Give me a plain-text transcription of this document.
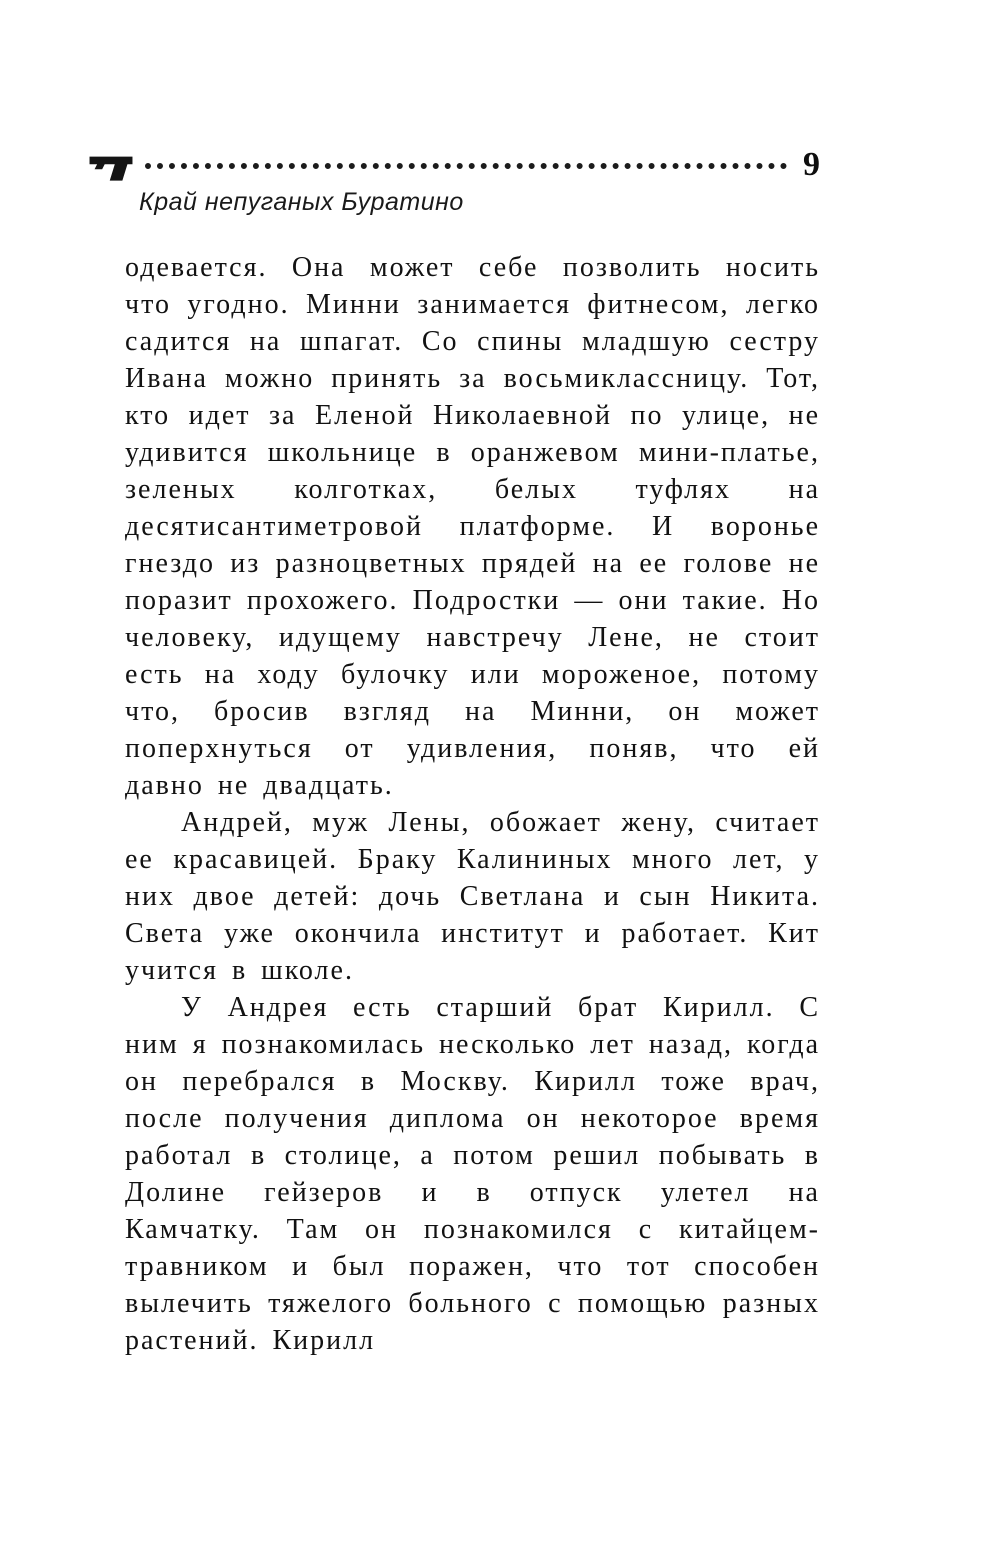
9
Край непуганых Буратино

одевается. Она может себе позволить носить что угодно. Минни занимается фитнесом, легко садится на шпагат. Со спины младшую сестру Ивана можно принять за восьмиклассницу. Тот, кто идет за Еленой Николаевной по улице, не удивится школьнице в оранжевом мини-платье, зеленых колготках, белых туфлях на десятисантиметровой платформе. И воронье гнездо из разноцветных прядей на ее голове не поразит прохожего. Подростки — они такие. Но человеку, идущему навстречу Лене, не стоит есть на ходу булочку или мороженое, потому что, бросив взгляд на Минни, он может поперхнуться от удивления, поняв, что ей давно не двадцать.

Андрей, муж Лены, обожает жену, считает ее красавицей. Браку Калининых много лет, у них двое детей: дочь Светлана и сын Никита. Света уже окончила институт и работает. Кит учится в школе.

У Андрея есть старший брат Кирилл. С ним я познакомилась несколько лет назад, когда он перебрался в Москву. Кирилл тоже врач, после получения диплома он некоторое время работал в столице, а потом решил побывать в Долине гейзеров и в отпуск улетел на Камчатку. Там он познакомился с китайцем-травником и был поражен, что тот способен вылечить тяжелого больного с помощью разных растений. Кирилл
